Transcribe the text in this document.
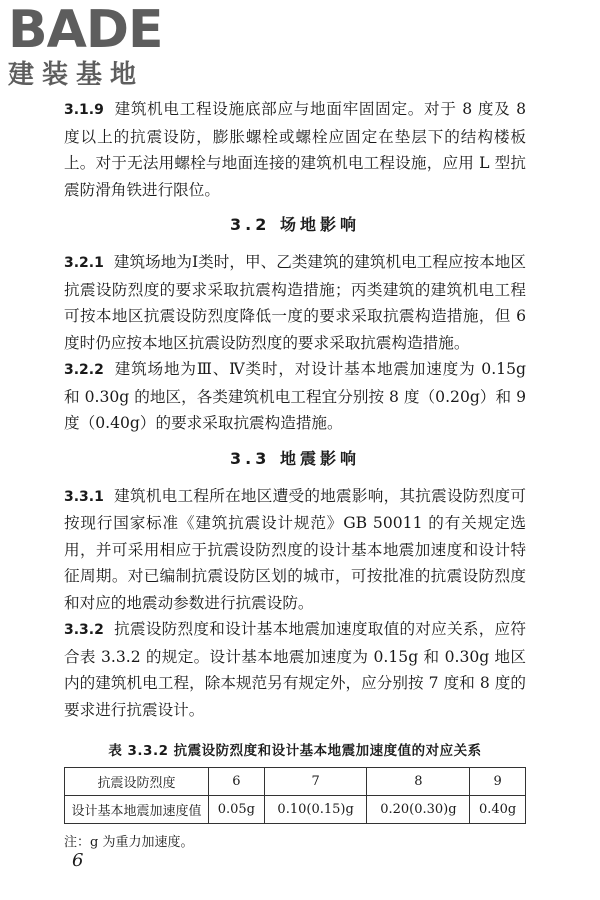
BADE
建装基地

3.1.9 建筑机电工程设施底部应与地面牢固固定。对于 8 度及 8 度以上的抗震设防，膨胀螺栓或螺栓应固定在垫层下的结构楼板上。对于无法用螺栓与地面连接的建筑机电工程设施，应用 L 型抗震防滑角铁进行限位。

3.2 场地影响

3.2.1 建筑场地为Ⅰ类时，甲、乙类建筑的建筑机电工程应按本地区抗震设防烈度的要求采取抗震构造措施；丙类建筑的建筑机电工程可按本地区抗震设防烈度降低一度的要求采取抗震构造措施，但 6 度时仍应按本地区抗震设防烈度的要求采取抗震构造措施。

3.2.2 建筑场地为Ⅲ、Ⅳ类时，对设计基本地震加速度为 0.15g 和 0.30g 的地区，各类建筑机电工程宜分别按 8 度（0.20g）和 9 度（0.40g）的要求采取抗震构造措施。

3.3 地震影响

3.3.1 建筑机电工程所在地区遭受的地震影响，其抗震设防烈度可按现行国家标准《建筑抗震设计规范》GB 50011 的有关规定选用，并可采用相应于抗震设防烈度的设计基本地震加速度和设计特征周期。对已编制抗震设防区划的城市，可按批准的抗震设防烈度和对应的地震动参数进行抗震设防。

3.3.2 抗震设防烈度和设计基本地震加速度取值的对应关系，应符合表 3.3.2 的规定。设计基本地震加速度为 0.15g 和 0.30g 地区内的建筑机电工程，除本规范另有规定外，应分别按 7 度和 8 度的要求进行抗震设计。

表 3.3.2 抗震设防烈度和设计基本地震加速度值的对应关系
抗震设防烈度	6	7	8	9
设计基本地震加速度值	0.05g	0.10(0.15)g	0.20(0.30)g	0.40g
注：g 为重力加速度。
6
